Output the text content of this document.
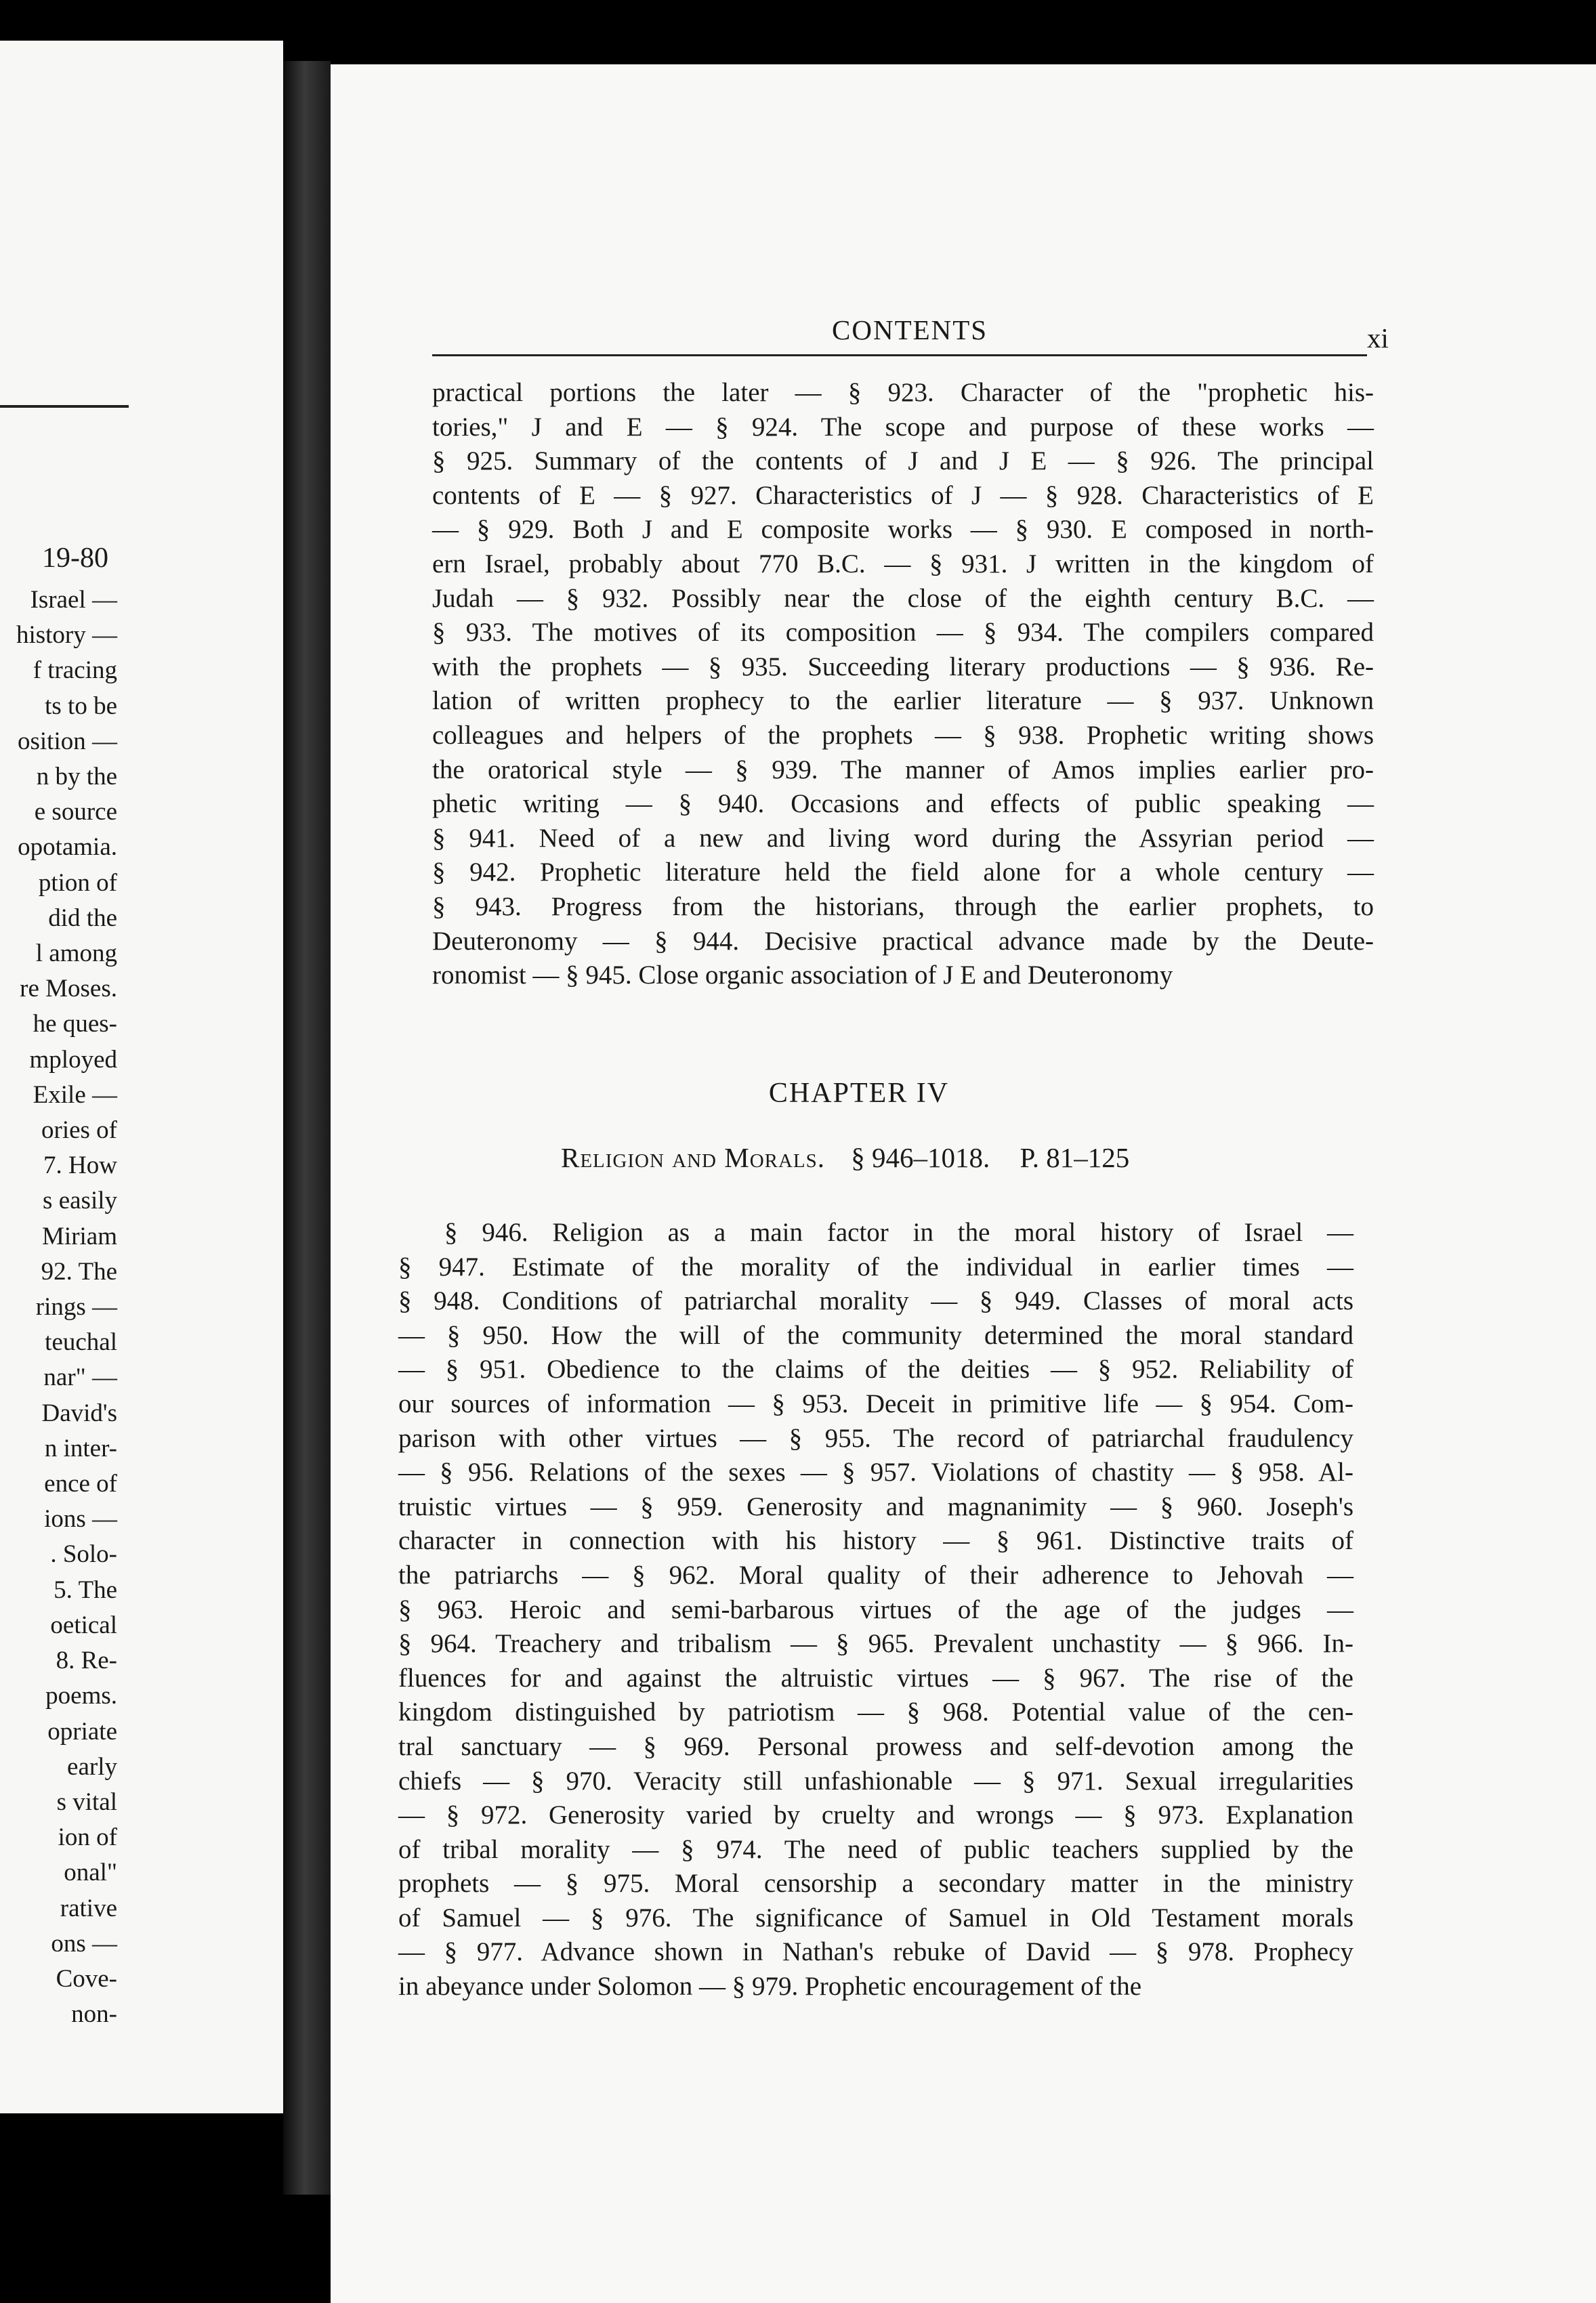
19-80
Israel —
history —
f tracing
ts to be
osition —
n by the
e source
opotamia.
ption of
did the
l among
re Moses.
he ques-
mployed
Exile —
ories of
7. How
s easily
Miriam
92. The
rings —
teuchal
nar" —
David's
n inter-
ence of
ions —
. Solo-
5. The
oetical
8. Re-
poems.
opriate
early
s vital
ion of
onal"
rative
ons —
Cove-
non-
CONTENTS	xi
practical portions the later — § 923. Character of the "prophetic his-
tories," J and E — § 924. The scope and purpose of these works —
§ 925. Summary of the contents of J and J E — § 926. The principal
contents of E — § 927. Characteristics of J — § 928. Characteristics of E
— § 929. Both J and E composite works — § 930. E composed in north-
ern Israel, probably about 770 B.C. — § 931. J written in the kingdom of
Judah — § 932. Possibly near the close of the eighth century B.C. —
§ 933. The motives of its composition — § 934. The compilers compared
with the prophets — § 935. Succeeding literary productions — § 936. Re-
lation of written prophecy to the earlier literature — § 937. Unknown
colleagues and helpers of the prophets — § 938. Prophetic writing shows
the oratorical style — § 939. The manner of Amos implies earlier pro-
phetic writing — § 940. Occasions and effects of public speaking —
§ 941. Need of a new and living word during the Assyrian period —
§ 942. Prophetic literature held the field alone for a whole century —
§ 943. Progress from the historians, through the earlier prophets, to
Deuteronomy — § 944. Decisive practical advance made by the Deute-
ronomist — § 945. Close organic association of J E and Deuteronomy
CHAPTER IV
Religion and Morals. § 946–1018. P. 81–125
§ 946. Religion as a main factor in the moral history of Israel —
§ 947. Estimate of the morality of the individual in earlier times —
§ 948. Conditions of patriarchal morality — § 949. Classes of moral acts
— § 950. How the will of the community determined the moral standard
— § 951. Obedience to the claims of the deities — § 952. Reliability of
our sources of information — § 953. Deceit in primitive life — § 954. Com-
parison with other virtues — § 955. The record of patriarchal fraudulency
— § 956. Relations of the sexes — § 957. Violations of chastity — § 958. Al-
truistic virtues — § 959. Generosity and magnanimity — § 960. Joseph's
character in connection with his history — § 961. Distinctive traits of
the patriarchs — § 962. Moral quality of their adherence to Jehovah —
§ 963. Heroic and semi-barbarous virtues of the age of the judges —
§ 964. Treachery and tribalism — § 965. Prevalent unchastity — § 966. In-
fluences for and against the altruistic virtues — § 967. The rise of the
kingdom distinguished by patriotism — § 968. Potential value of the cen-
tral sanctuary — § 969. Personal prowess and self-devotion among the
chiefs — § 970. Veracity still unfashionable — § 971. Sexual irregularities
— § 972. Generosity varied by cruelty and wrongs — § 973. Explanation
of tribal morality — § 974. The need of public teachers supplied by the
prophets — § 975. Moral censorship a secondary matter in the ministry
of Samuel — § 976. The significance of Samuel in Old Testament morals
— § 977. Advance shown in Nathan's rebuke of David — § 978. Prophecy
in abeyance under Solomon — § 979. Prophetic encouragement of the
